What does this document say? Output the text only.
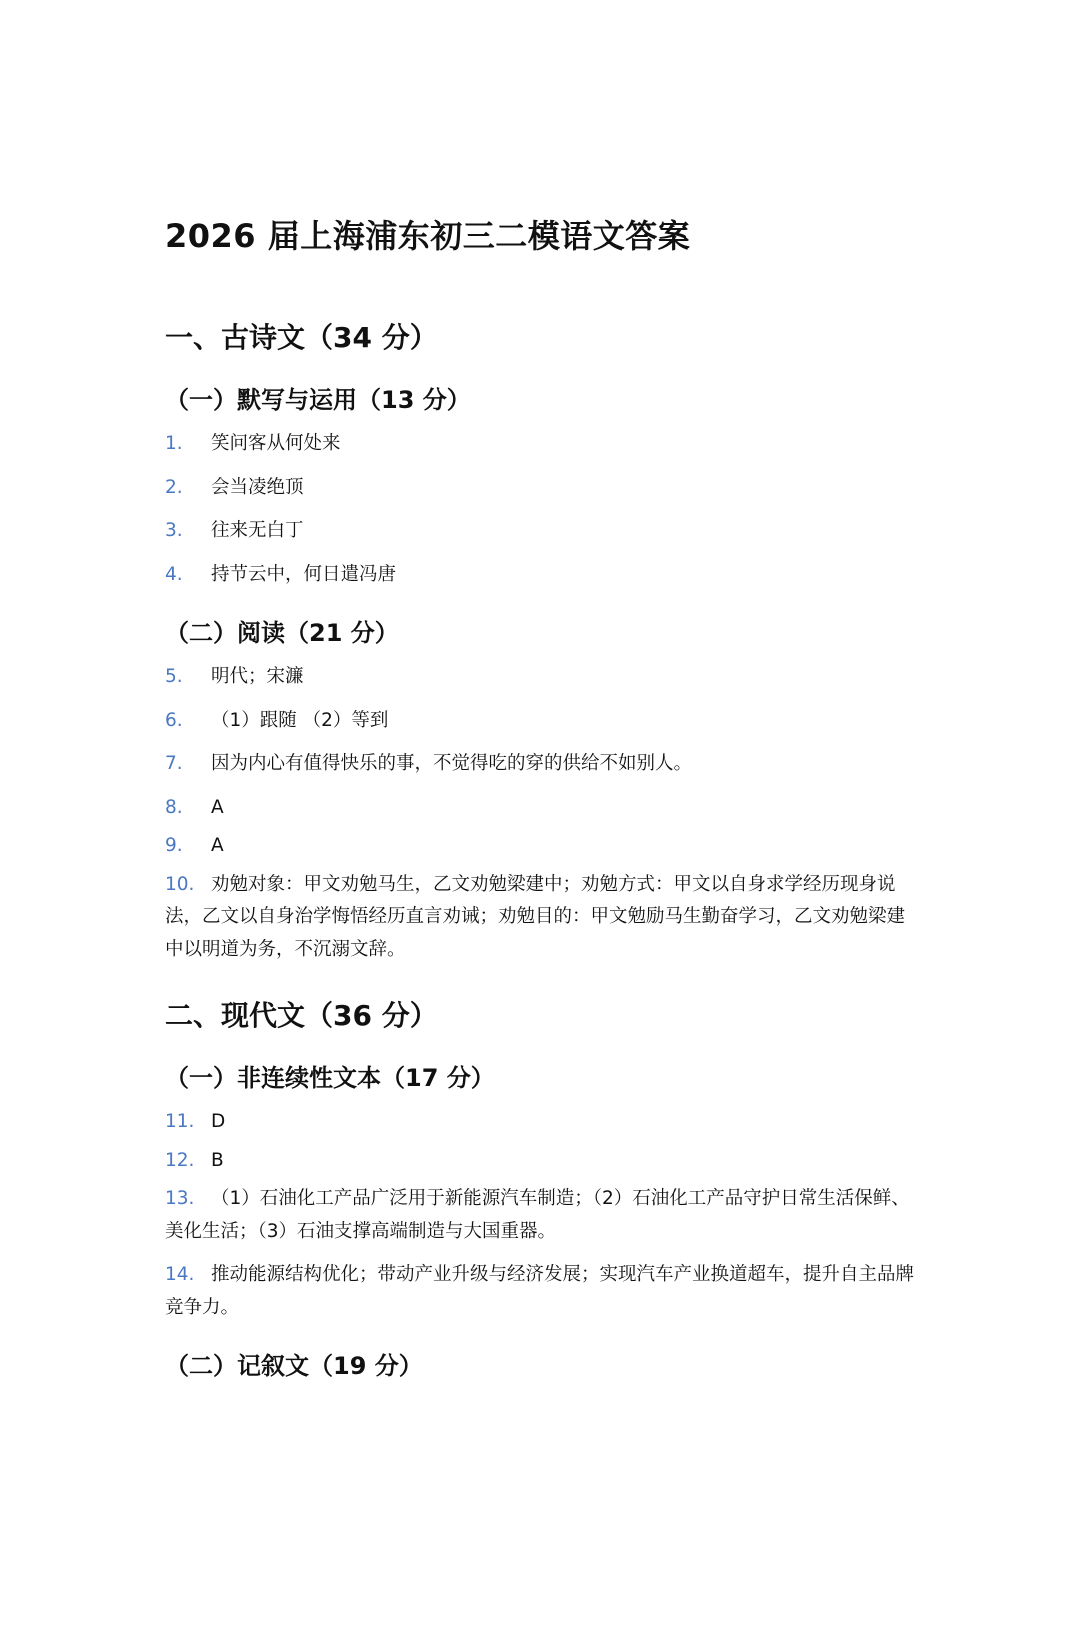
2026 届上海浦东初三二模语文答案
一、古诗文（34 分）
（一）默写与运用（13 分）
1. 笑问客从何处来
2. 会当凌绝顶
3. 往来无白丁
4. 持节云中，何日遣冯唐
（二）阅读（21 分）
5. 明代；宋濂
6. （1）跟随 （2）等到
7. 因为内心有值得快乐的事，不觉得吃的穿的供给不如别人。
8. A
9. A
10. 劝勉对象：甲文劝勉马生，乙文劝勉梁建中；劝勉方式：甲文以自身求学经历现身说法，乙文以自身治学悔悟经历直言劝诫；劝勉目的：甲文勉励马生勤奋学习，乙文劝勉梁建中以明道为务，不沉溺文辞。
二、现代文（36 分）
（一）非连续性文本（17 分）
11. D
12. B
13. （1）石油化工产品广泛用于新能源汽车制造；（2）石油化工产品守护日常生活保鲜、美化生活；（3）石油支撑高端制造与大国重器。
14. 推动能源结构优化；带动产业升级与经济发展；实现汽车产业换道超车，提升自主品牌竞争力。
（二）记叙文（19 分）
